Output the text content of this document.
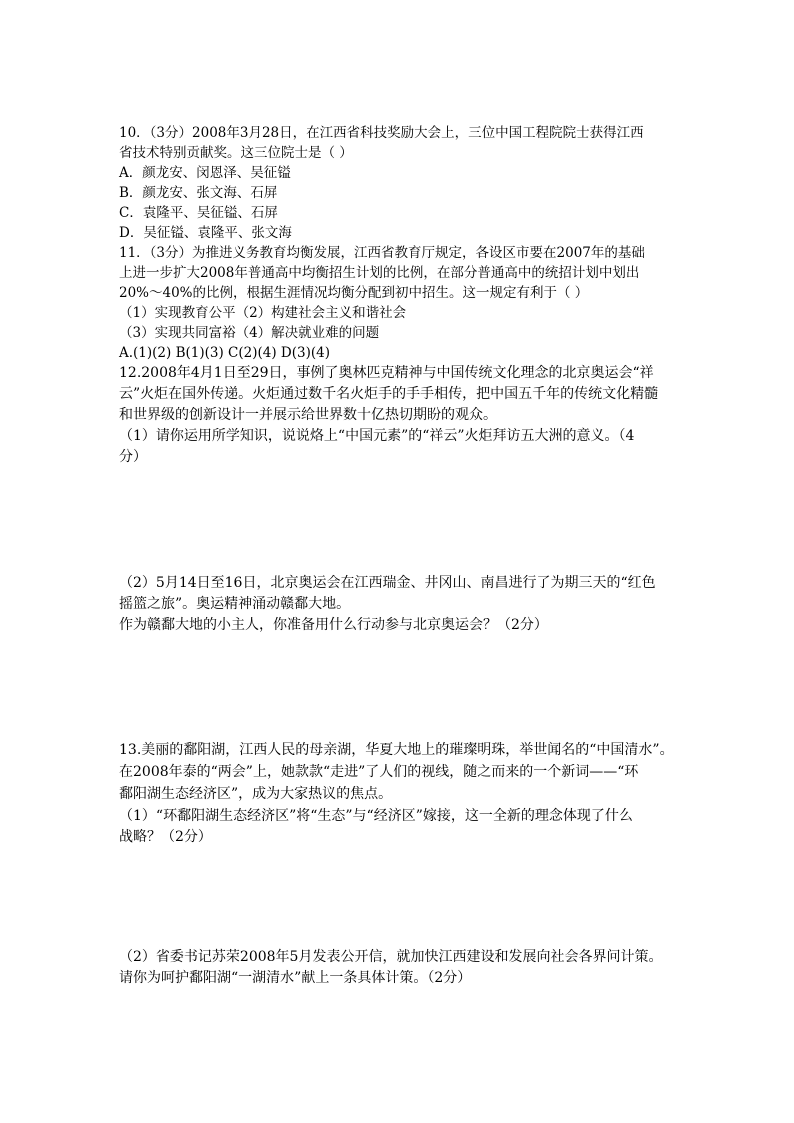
10．（3分）2008年3月28日，在江西省科技奖励大会上，三位中国工程院院士获得江西
省技术特别贡献奖。这三位院士是（ ）
A．颜龙安、闵恩泽、吴征镒
B．颜龙安、张文海、石屏
C．袁隆平、吴征镒、石屏
D．吴征镒、袁隆平、张文海
11．（3分）为推进义务教育均衡发展，江西省教育厅规定，各设区市要在2007年的基础
上进一步扩大2008年普通高中均衡招生计划的比例，在部分普通高中的统招计划中划出
20%～40%的比例，根据生涯情况均衡分配到初中招生。这一规定有利于（ ）
（1）实现教育公平（2）构建社会主义和谐社会
（3）实现共同富裕（4）解决就业难的问题
A.(1)(2) B(1)(3) C(2)(4) D(3)(4)
12.2008年4月1日至29日，事例了奥林匹克精神与中国传统文化理念的北京奥运会“祥
云”火炬在国外传递。火炬通过数千名火炬手的手手相传，把中国五千年的传统文化精髓
和世界级的创新设计一并展示给世界数十亿热切期盼的观众。
（1）请你运用所学知识，说说烙上“中国元素”的“祥云”火炬拜访五大洲的意义。（4
分）
（2）5月14日至16日，北京奥运会在江西瑞金、井冈山、南昌进行了为期三天的“红色
摇篮之旅”。奥运精神涌动赣鄱大地。
作为赣鄱大地的小主人，你准备用什么行动参与北京奥运会？（2分）
13.美丽的鄱阳湖，江西人民的母亲湖，华夏大地上的璀璨明珠，举世闻名的“中国清水”。
在2008年泰的“两会”上，她款款“走进”了人们的视线，随之而来的一个新词——“环
鄱阳湖生态经济区”，成为大家热议的焦点。
（1）“环鄱阳湖生态经济区”将“生态”与“经济区”嫁接，这一全新的理念体现了什么
战略？（2分）
（2）省委书记苏荣2008年5月发表公开信，就加快江西建设和发展向社会各界问计策。
请你为呵护鄱阳湖“一湖清水”献上一条具体计策。（2分）
